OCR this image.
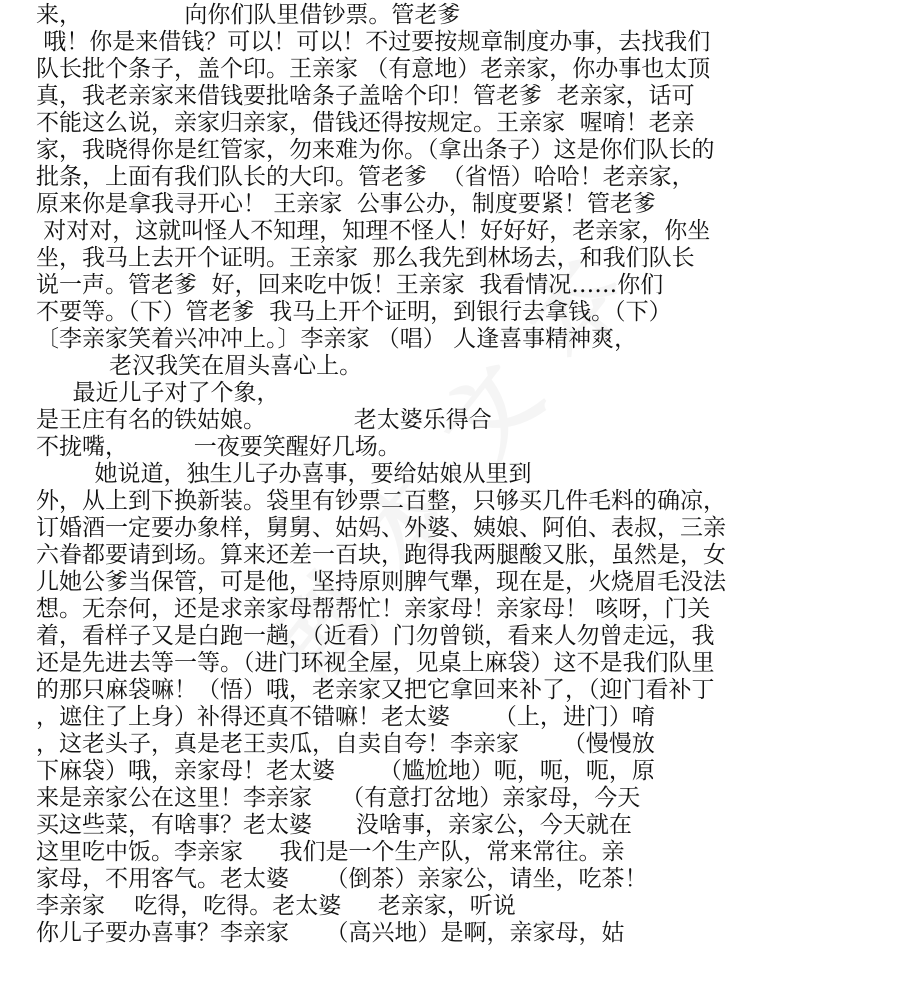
来，              向你们队里借钞票。管老爹
哦！你是来借钱？可以！可以！不过要按规章制度办事，去找我们
队长批个条子，盖个印。王亲家 （有意地）老亲家，你办事也太顶
真，我老亲家来借钱要批啥条子盖啥个印！管老爹  老亲家，话可
不能这么说，亲家归亲家，借钱还得按规定。王亲家  喔唷！老亲
家，我晓得你是红管家，勿来难为你。（拿出条子）这是你们队长的
批条，上面有我们队长的大印。管老爹  （省悟）哈哈！老亲家，
原来你是拿我寻开心！ 王亲家  公事公办，制度要紧！管老爹
对对对，这就叫怪人不知理，知理不怪人！好好好，老亲家，你坐
坐，我马上去开个证明。王亲家  那么我先到林场去，和我们队长
说一声。管老爹  好，回来吃中饭！王亲家  我看情况……你们
不要等。（下）管老爹  我马上开个证明，到银行去拿钱。（下）
〔李亲家笑着兴冲冲上。〕李亲家 （唱） 人逢喜事精神爽，
老汉我笑在眉头喜心上。
最近儿子对了个象，
是王庄有名的铁姑娘。            老太婆乐得合
不拢嘴，         一夜要笑醒好几场。
她说道，独生儿子办喜事，要给姑娘从里到
外，从上到下换新装。袋里有钞票二百整，只够买几件毛料的确凉，
订婚酒一定要办象样，舅舅、姑妈、外婆、姨娘、阿伯、表叔，三亲
六眷都要请到场。算来还差一百块，跑得我两腿酸又胀，虽然是，女
儿她公爹当保管，可是他，坚持原则脾气犟，现在是，火烧眉毛没法
想。无奈何，还是求亲家母帮帮忙！亲家母！亲家母！ 咳呀，门关
着，看样子又是白跑一趟，（近看）门勿曾锁，看来人勿曾走远，我
还是先进去等一等。（进门环视全屋，见桌上麻袋）这不是我们队里
的那只麻袋嘛！（悟）哦，老亲家又把它拿回来补了，（迎门看补丁
，遮住了上身）补得还真不错嘛！老太婆      （上，进门）唷
，这老头子，真是老王卖瓜，自卖自夸！李亲家      （慢慢放
下麻袋）哦，亲家母！老太婆      （尴尬地）呃，呃，呃，原
来是亲家公在这里！李亲家    （有意打岔地）亲家母，今天
买这些菜，有啥事？老太婆      没啥事，亲家公，今天就在
这里吃中饭。李亲家     我们是一个生产队，常来常往。亲
家母，不用客气。老太婆     （倒茶）亲家公，请坐，吃茶！
李亲家    吃得，吃得。老太婆     老亲家，听说
你儿子要办喜事？李亲家     （高兴地）是啊，亲家母，姑
